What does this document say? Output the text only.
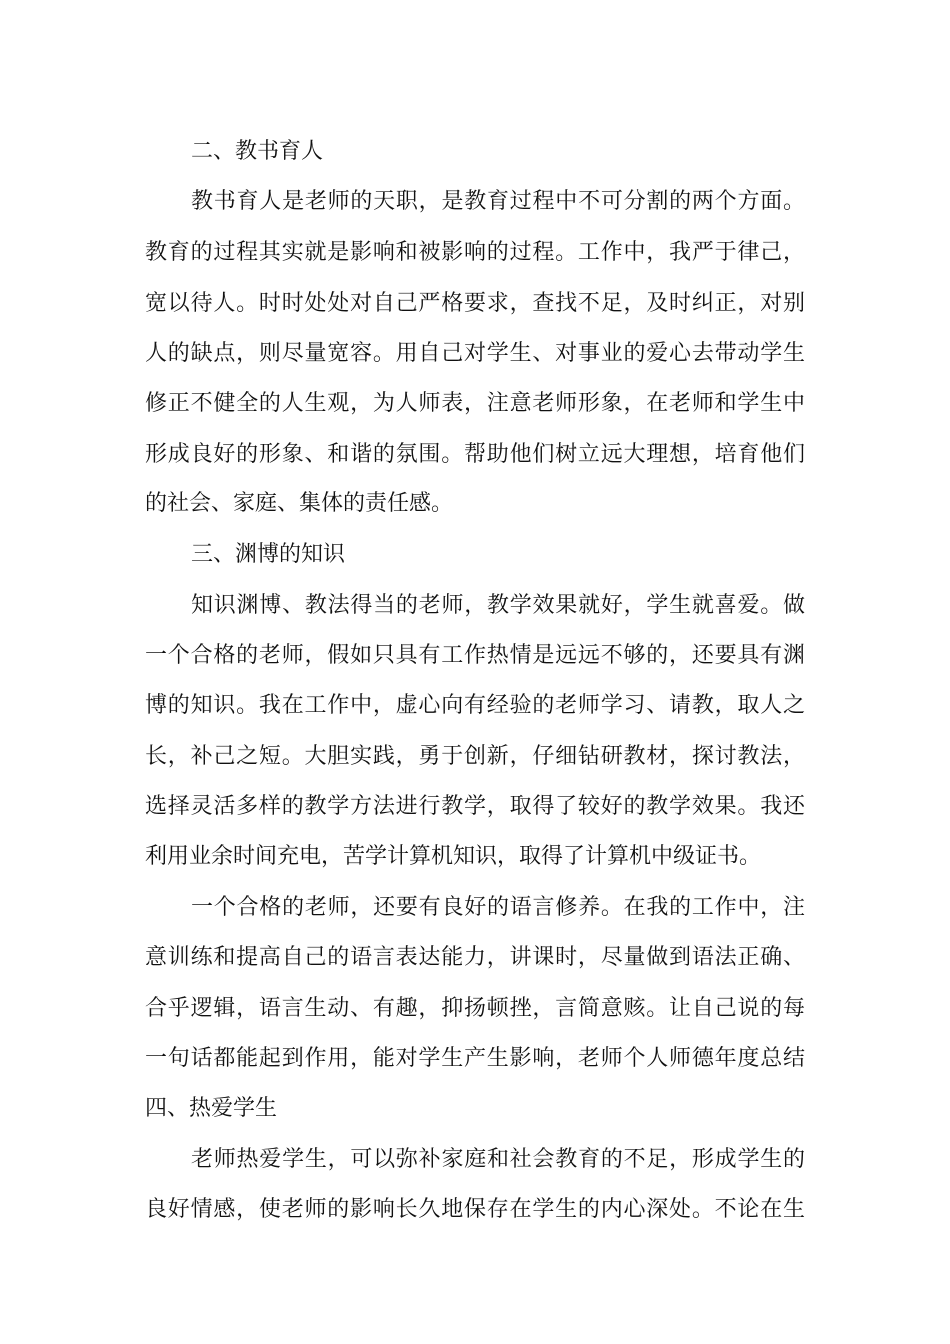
二、教书育人
教书育人是老师的天职，是教育过程中不可分割的两个方面。
教育的过程其实就是影响和被影响的过程。工作中，我严于律己，
宽以待人。时时处处对自己严格要求，查找不足，及时纠正，对别
人的缺点，则尽量宽容。用自己对学生、对事业的爱心去带动学生
修正不健全的人生观，为人师表，注意老师形象，在老师和学生中
形成良好的形象、和谐的氛围。帮助他们树立远大理想，培育他们
的社会、家庭、集体的责任感。
三、渊博的知识
知识渊博、教法得当的老师，教学效果就好，学生就喜爱。做
一个合格的老师，假如只具有工作热情是远远不够的，还要具有渊
博的知识。我在工作中，虚心向有经验的老师学习、请教，取人之
长，补己之短。大胆实践，勇于创新，仔细钻研教材，探讨教法，
选择灵活多样的教学方法进行教学，取得了较好的教学效果。我还
利用业余时间充电，苦学计算机知识，取得了计算机中级证书。
一个合格的老师，还要有良好的语言修养。在我的工作中，注
意训练和提高自己的语言表达能力，讲课时，尽量做到语法正确、
合乎逻辑，语言生动、有趣，抑扬顿挫，言简意赅。让自己说的每
一句话都能起到作用，能对学生产生影响，老师个人师德年度总结
四、热爱学生
老师热爱学生，可以弥补家庭和社会教育的不足，形成学生的
良好情感，使老师的影响长久地保存在学生的内心深处。不论在生
